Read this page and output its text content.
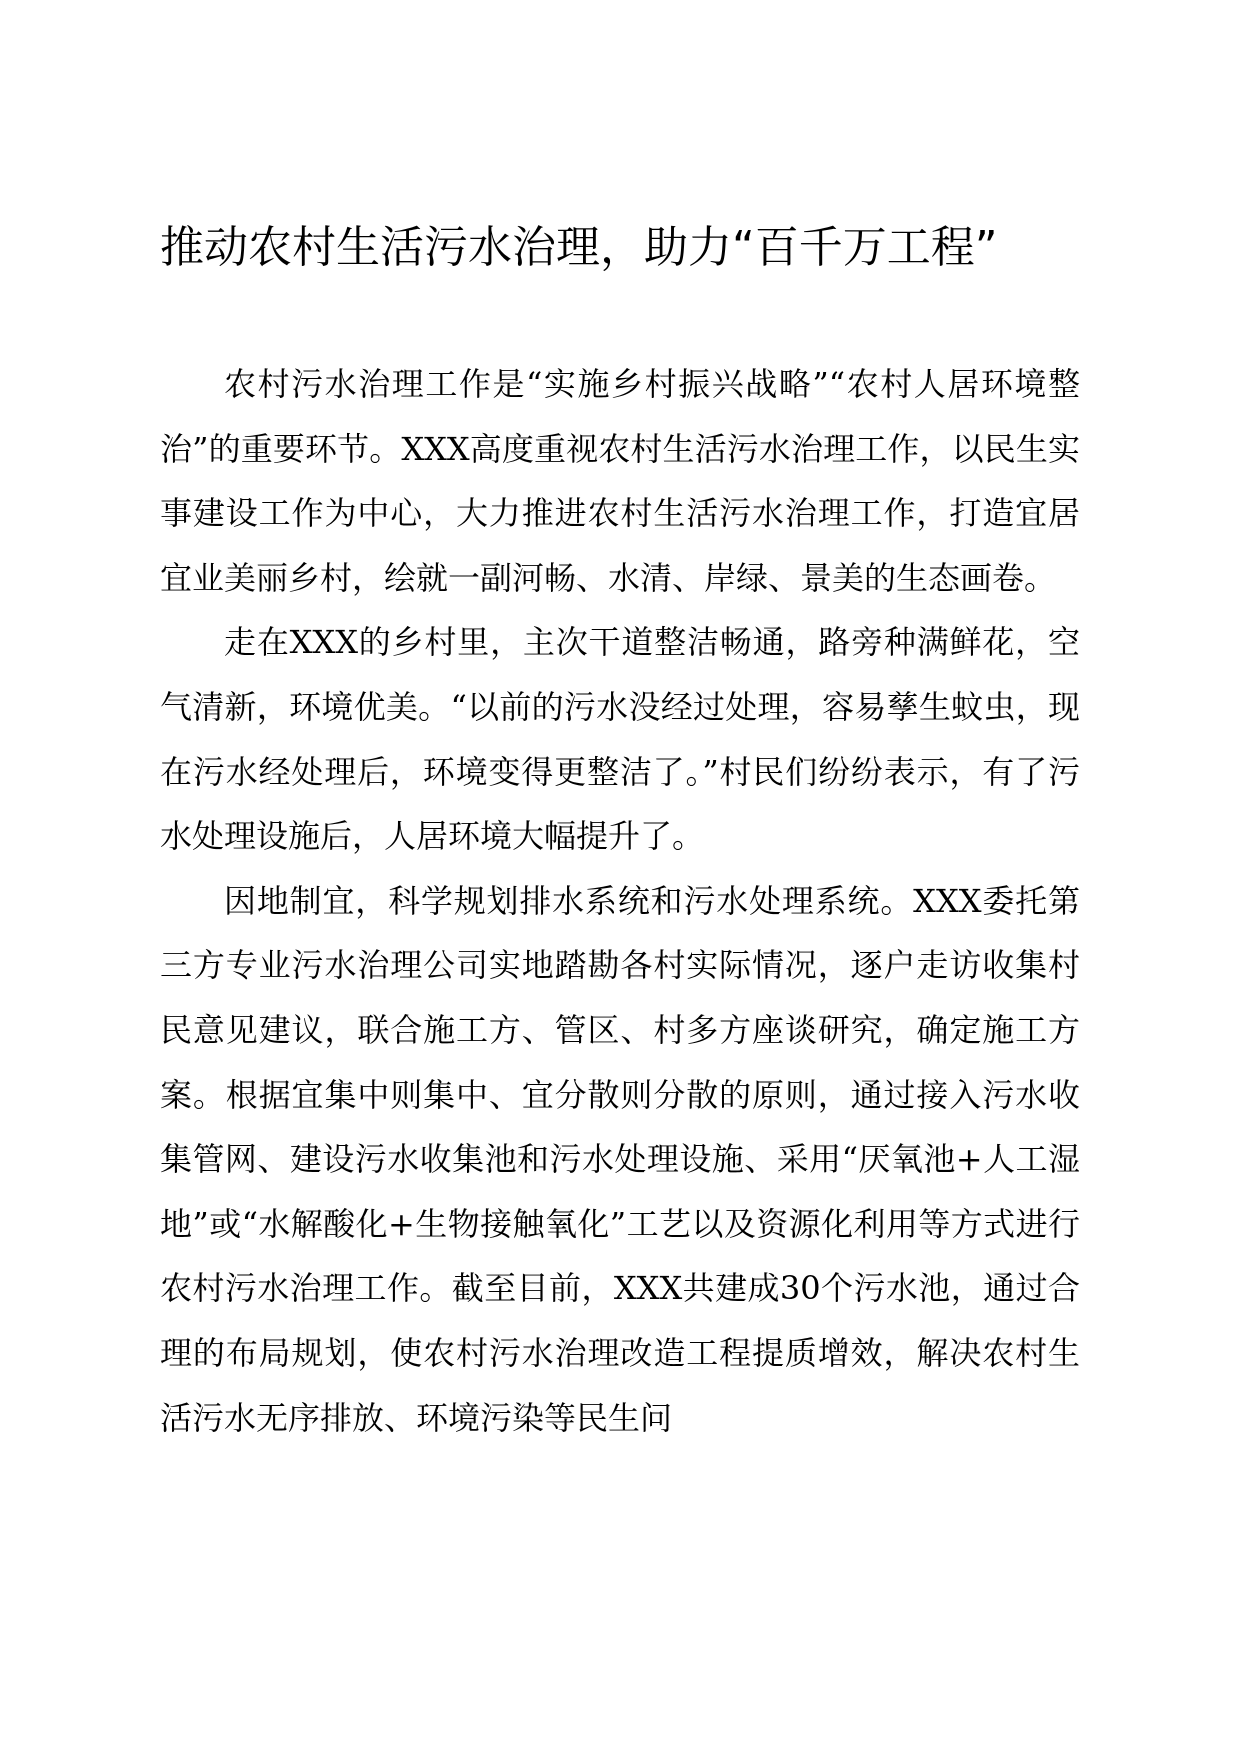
推动农村生活污水治理，助力“百千万工程”

农村污水治理工作是“实施乡村振兴战略”“农村人居环境整治”的重要环节。XXX高度重视农村生活污水治理工作，以民生实事建设工作为中心，大力推进农村生活污水治理工作，打造宜居宜业美丽乡村，绘就一副河畅、水清、岸绿、景美的生态画卷。

走在XXX的乡村里，主次干道整洁畅通，路旁种满鲜花，空气清新，环境优美。“以前的污水没经过处理，容易孳生蚊虫，现在污水经处理后，环境变得更整洁了。”村民们纷纷表示，有了污水处理设施后，人居环境大幅提升了。

因地制宜，科学规划排水系统和污水处理系统。XXX委托第三方专业污水治理公司实地踏勘各村实际情况，逐户走访收集村民意见建议，联合施工方、管区、村多方座谈研究，确定施工方案。根据宜集中则集中、宜分散则分散的原则，通过接入污水收集管网、建设污水收集池和污水处理设施、采用“厌氧池+人工湿地”或“水解酸化+生物接触氧化”工艺以及资源化利用等方式进行农村污水治理工作。截至目前，XXX共建成30个污水池，通过合理的布局规划，使农村污水治理改造工程提质增效，解决农村生活污水无序排放、环境污染等民生问
